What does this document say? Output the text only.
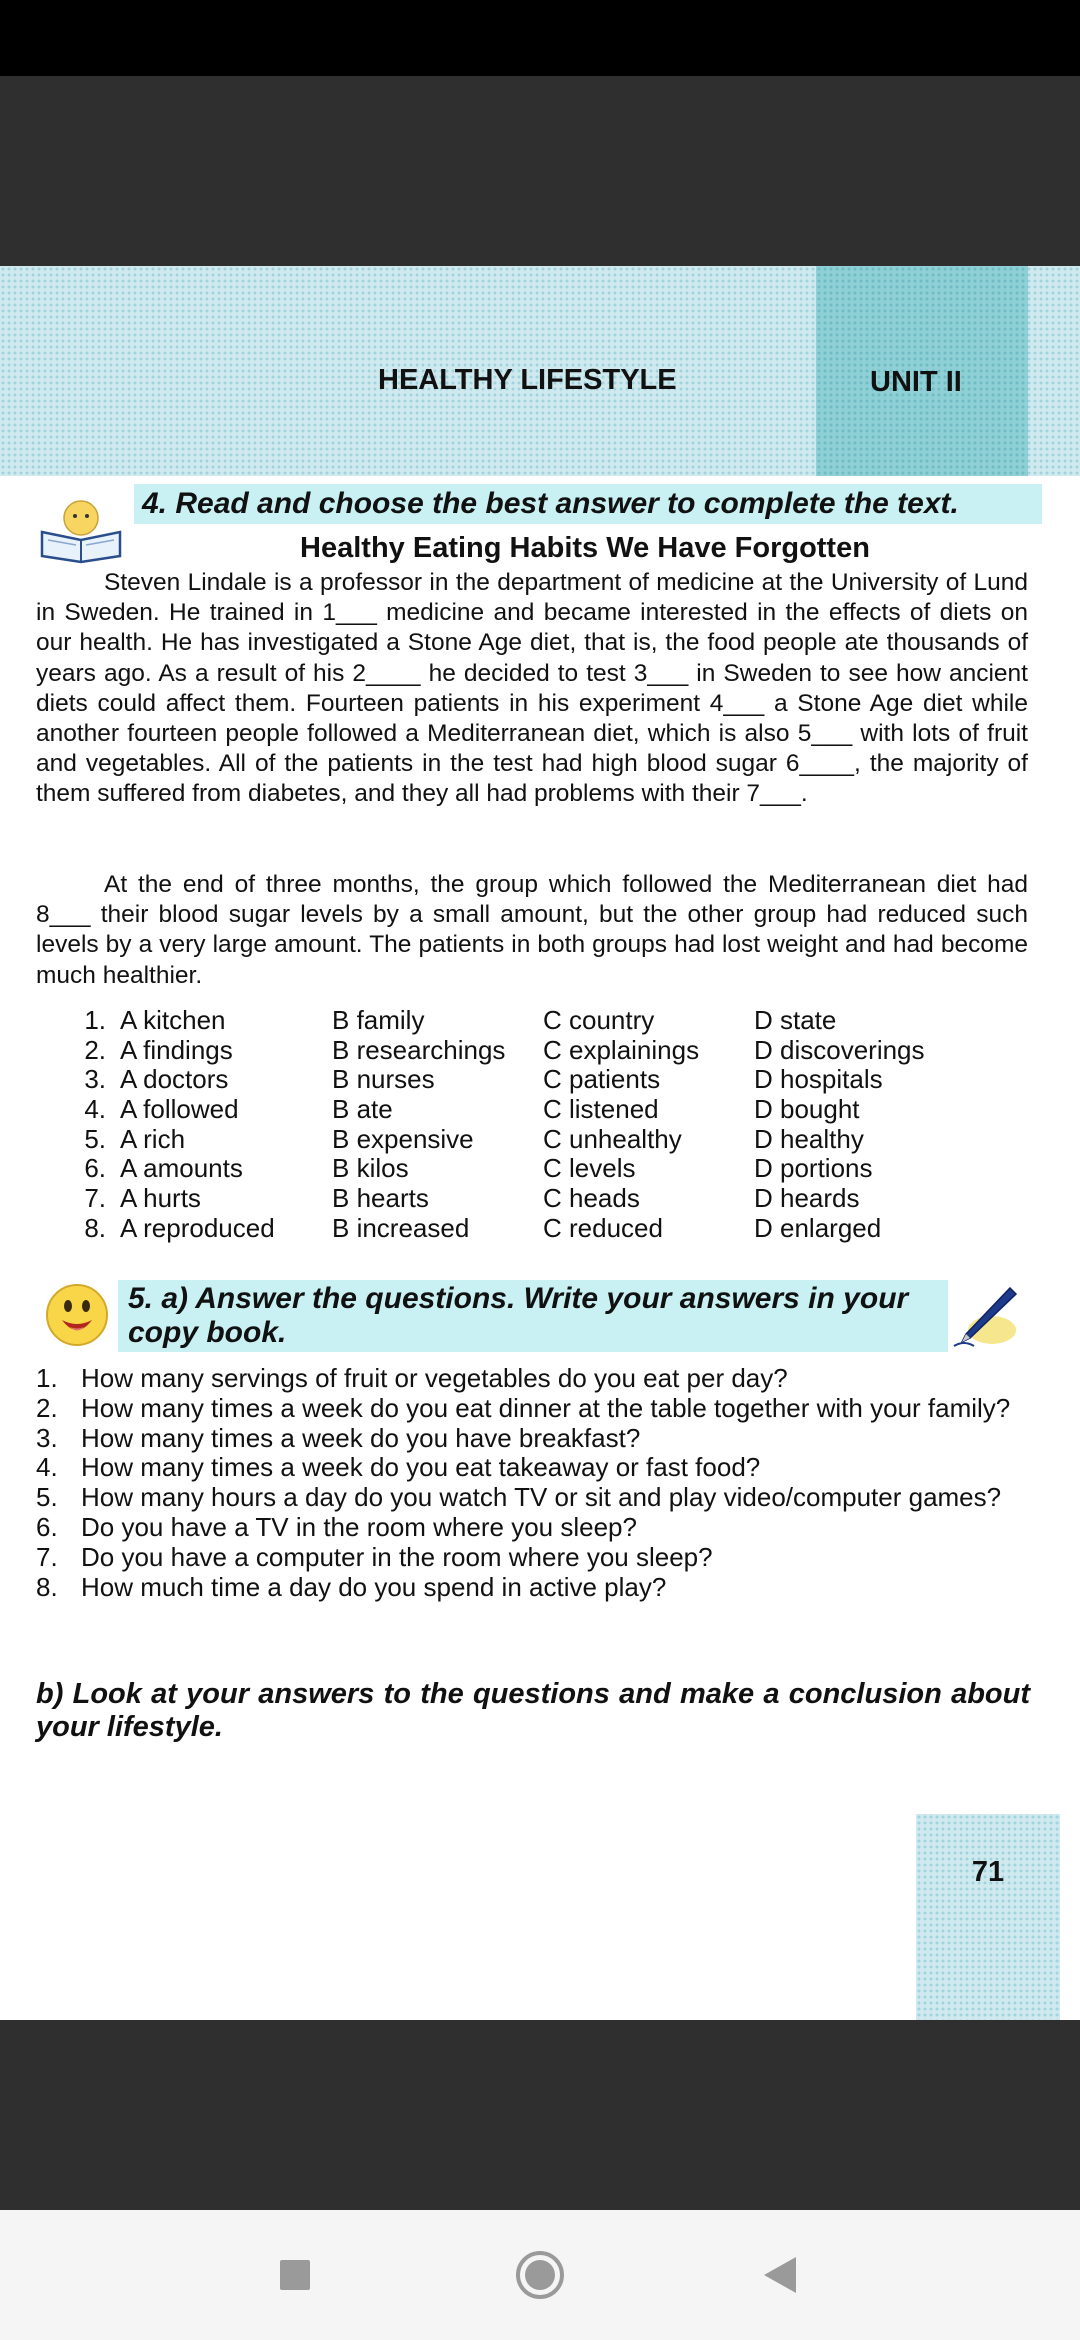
HEALTHY LIFESTYLE	UNIT II
4. Read and choose the best answer to complete the text.
Healthy Eating Habits We Have Forgotten

Steven Lindale is a professor in the department of medicine at the University of Lund in Sweden. He trained in 1___ medicine and became interested in the effects of diets on our health. He has investigated a Stone Age diet, that is, the food people ate thousands of years ago. As a result of his 2____ he decided to test 3___ in Sweden to see how ancient diets could affect them. Fourteen patients in his experiment 4___ a Stone Age diet while another fourteen people followed a Mediterranean diet, which is also 5___ with lots of fruit and vegetables. All of the patients in the test had high blood sugar 6____, the majority of them suffered from diabetes, and they all had problems with their 7___.

At the end of three months, the group which followed the Mediterranean diet had 8___ their blood sugar levels by a small amount, but the other group had reduced such levels by a very large amount. The patients in both groups had lost weight and had become much healthier.

1. A kitchen	B family	C country	D state
2. A findings	B researchings	C explainings	D discoverings
3. A doctors	B nurses	C patients	D hospitals
4. A followed	B ate	C listened	D bought
5. A rich	B expensive	C unhealthy	D healthy
6. A amounts	B kilos	C levels	D portions
7. A hurts	B hearts	C heads	D heards
8. A reproduced	B increased	C reduced	D enlarged
5. a) Answer the questions. Write your answers in your copy book.
1. How many servings of fruit or vegetables do you eat per day?
2. How many times a week do you eat dinner at the table together with your family?
3. How many times a week do you have breakfast?
4. How many times a week do you eat takeaway or fast food?
5. How many hours a day do you watch TV or sit and play video/computer games?
6. Do you have a TV in the room where you sleep?
7. Do you have a computer in the room where you sleep?
8. How much time a day do you spend in active play?
b) Look at your answers to the questions and make a conclusion about your lifestyle.
71
